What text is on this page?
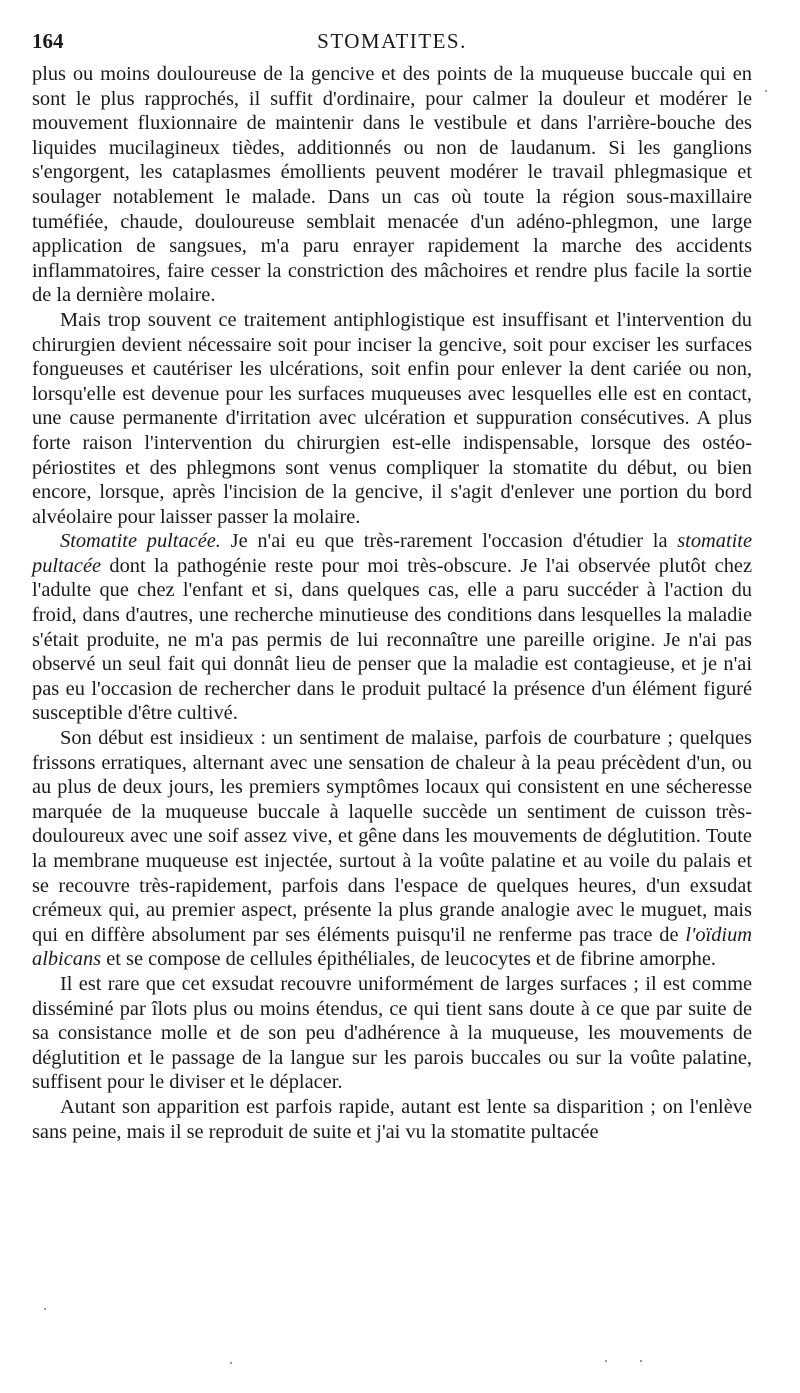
164	STOMATITES.

plus ou moins douloureuse de la gencive et des points de la muqueuse buccale qui en sont le plus rapprochés, il suffit d'ordinaire, pour calmer la douleur et modérer le mouvement fluxionnaire de maintenir dans le vestibule et dans l'arrière-bouche des liquides mucilagineux tièdes, additionnés ou non de laudanum. Si les ganglions s'engorgent, les cataplasmes émollients peuvent modérer le travail phlegmasique et soulager notablement le malade. Dans un cas où toute la région sous-maxillaire tuméfiée, chaude, douloureuse semblait menacée d'un adéno-phlegmon, une large application de sangsues, m'a paru enrayer rapidement la marche des accidents inflammatoires, faire cesser la constriction des mâchoires et rendre plus facile la sortie de la dernière molaire.

Mais trop souvent ce traitement antiphlogistique est insuffisant et l'intervention du chirurgien devient nécessaire soit pour inciser la gencive, soit pour exciser les surfaces fongueuses et cautériser les ulcérations, soit enfin pour enlever la dent cariée ou non, lorsqu'elle est devenue pour les surfaces muqueuses avec lesquelles elle est en contact, une cause permanente d'irritation avec ulcération et suppuration consécutives. A plus forte raison l'intervention du chirurgien est-elle indispensable, lorsque des ostéo-périostites et des phlegmons sont venus compliquer la stomatite du début, ou bien encore, lorsque, après l'incision de la gencive, il s'agit d'enlever une portion du bord alvéolaire pour laisser passer la molaire.

Stomatite pultacée. Je n'ai eu que très-rarement l'occasion d'étudier la stomatite pultacée dont la pathogénie reste pour moi très-obscure. Je l'ai observée plutôt chez l'adulte que chez l'enfant et si, dans quelques cas, elle a paru succéder à l'action du froid, dans d'autres, une recherche minutieuse des conditions dans lesquelles la maladie s'était produite, ne m'a pas permis de lui reconnaître une pareille origine. Je n'ai pas observé un seul fait qui donnât lieu de penser que la maladie est contagieuse, et je n'ai pas eu l'occasion de rechercher dans le produit pultacé la présence d'un élément figuré susceptible d'être cultivé.

Son début est insidieux : un sentiment de malaise, parfois de courbature ; quelques frissons erratiques, alternant avec une sensation de chaleur à la peau précèdent d'un, ou au plus de deux jours, les premiers symptômes locaux qui consistent en une sécheresse marquée de la muqueuse buccale à laquelle succède un sentiment de cuisson très-douloureux avec une soif assez vive, et gêne dans les mouvements de déglutition. Toute la membrane muqueuse est injectée, surtout à la voûte palatine et au voile du palais et se recouvre très-rapidement, parfois dans l'espace de quelques heures, d'un exsudat crémeux qui, au premier aspect, présente la plus grande analogie avec le muguet, mais qui en diffère absolument par ses éléments puisqu'il ne renferme pas trace de l'oïdium albicans et se compose de cellules épithéliales, de leucocytes et de fibrine amorphe.

Il est rare que cet exsudat recouvre uniformément de larges surfaces ; il est comme disséminé par îlots plus ou moins étendus, ce qui tient sans doute à ce que par suite de sa consistance molle et de son peu d'adhérence à la muqueuse, les mouvements de déglutition et le passage de la langue sur les parois buccales ou sur la voûte palatine, suffisent pour le diviser et le déplacer.

Autant son apparition est parfois rapide, autant est lente sa disparition ; on l'enlève sans peine, mais il se reproduit de suite et j'ai vu la stomatite pultacée
